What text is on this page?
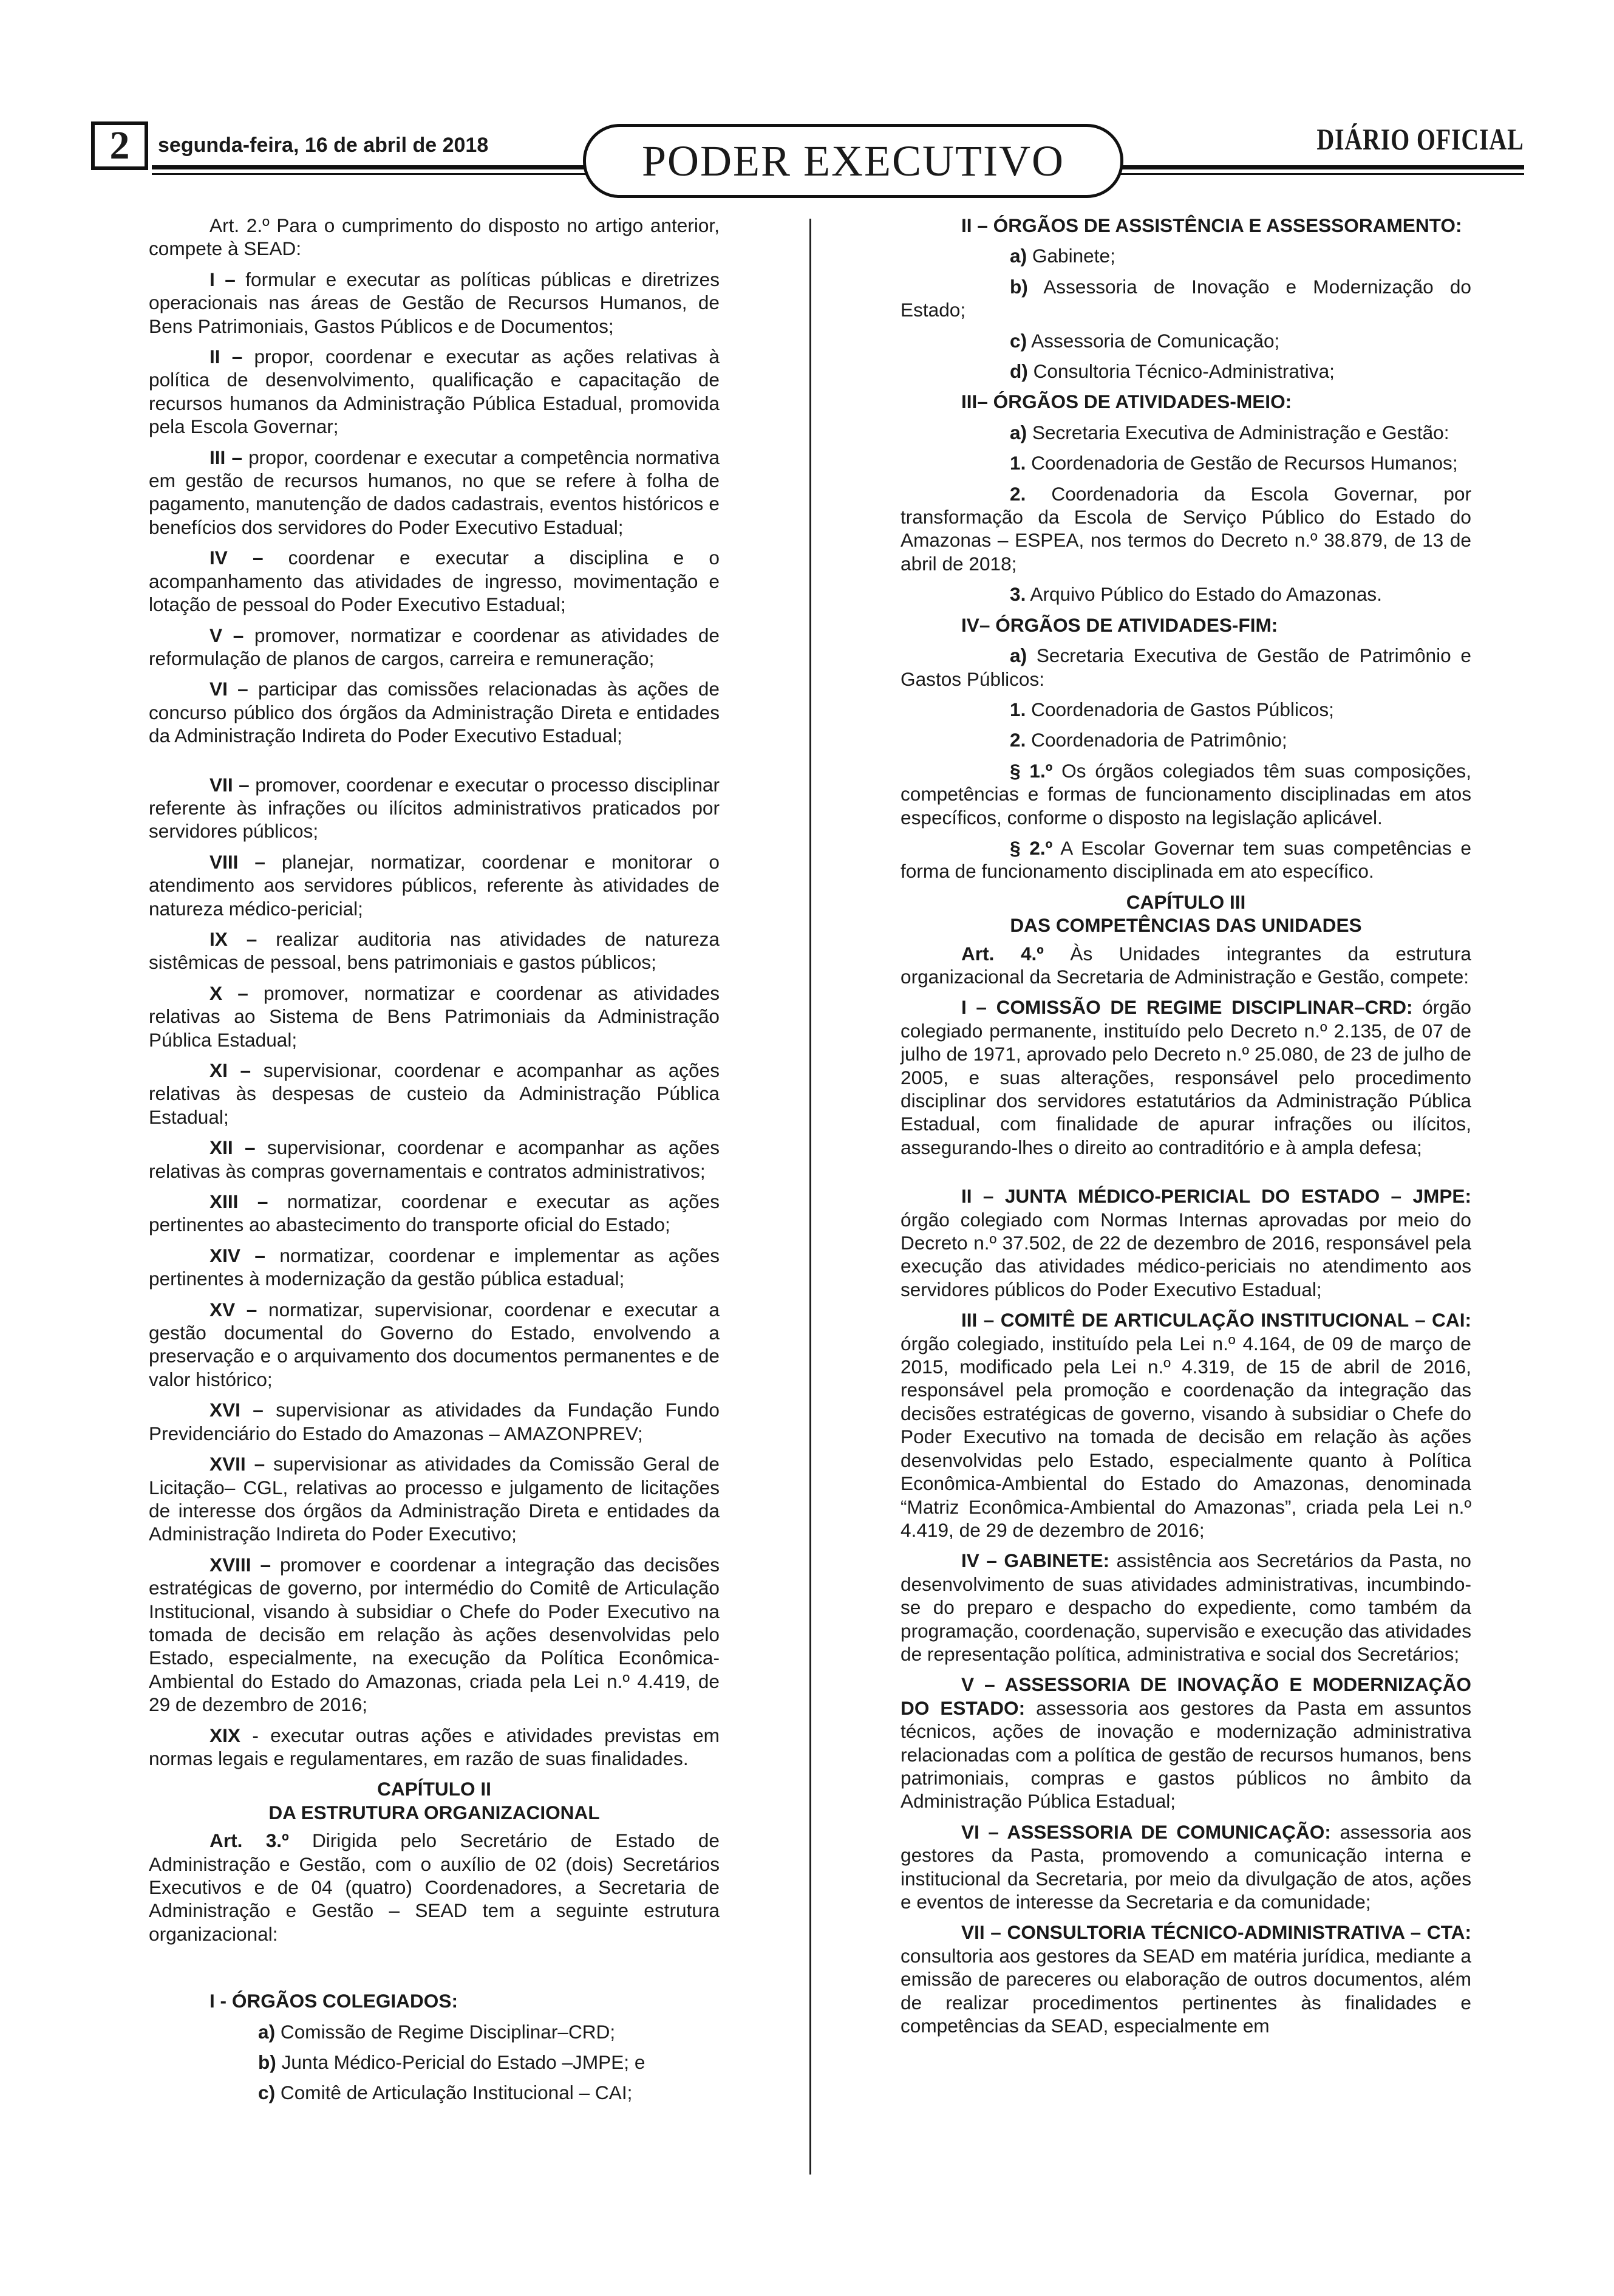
2	segunda-feira, 16 de abril de 2018	PODER EXECUTIVO	DIÁRIO OFICIAL

Art. 2.º Para o cumprimento do disposto no artigo anterior, compete à SEAD:

I – formular e executar as políticas públicas e diretrizes operacionais nas áreas de Gestão de Recursos Humanos, de Bens Patrimoniais, Gastos Públicos e de Documentos;

II – propor, coordenar e executar as ações relativas à política de desenvolvimento, qualificação e capacitação de recursos humanos da Administração Pública Estadual, promovida pela Escola Governar;

III – propor, coordenar e executar a competência normativa em gestão de recursos humanos, no que se refere à folha de pagamento, manutenção de dados cadastrais, eventos históricos e benefícios dos servidores do Poder Executivo Estadual;

IV – coordenar e executar a disciplina e o acompanhamento das atividades de ingresso, movimentação e lotação de pessoal do Poder Executivo Estadual;

V – promover, normatizar e coordenar as atividades de reformulação de planos de cargos, carreira e remuneração;

VI – participar das comissões relacionadas às ações de concurso público dos órgãos da Administração Direta e entidades da Administração Indireta do Poder Executivo Estadual;

VII – promover, coordenar e executar o processo disciplinar referente às infrações ou ilícitos administrativos praticados por servidores públicos;

VIII – planejar, normatizar, coordenar e monitorar o atendimento aos servidores públicos, referente às atividades de natureza médico-pericial;

IX – realizar auditoria nas atividades de natureza sistêmicas de pessoal, bens patrimoniais e gastos públicos;

X – promover, normatizar e coordenar as atividades relativas ao Sistema de Bens Patrimoniais da Administração Pública Estadual;

XI – supervisionar, coordenar e acompanhar as ações relativas às despesas de custeio da Administração Pública Estadual;

XII – supervisionar, coordenar e acompanhar as ações relativas às compras governamentais e contratos administrativos;

XIII – normatizar, coordenar e executar as ações pertinentes ao abastecimento do transporte oficial do Estado;

XIV – normatizar, coordenar e implementar as ações pertinentes à modernização da gestão pública estadual;

XV – normatizar, supervisionar, coordenar e executar a gestão documental do Governo do Estado, envolvendo a preservação e o arquivamento dos documentos permanentes e de valor histórico;

XVI – supervisionar as atividades da Fundação Fundo Previdenciário do Estado do Amazonas – AMAZONPREV;

XVII – supervisionar as atividades da Comissão Geral de Licitação– CGL, relativas ao processo e julgamento de licitações de interesse dos órgãos da Administração Direta e entidades da Administração Indireta do Poder Executivo;

XVIII – promover e coordenar a integração das decisões estratégicas de governo, por intermédio do Comitê de Articulação Institucional, visando à subsidiar o Chefe do Poder Executivo na tomada de decisão em relação às ações desenvolvidas pelo Estado, especialmente, na execução da Política Econômica-Ambiental do Estado do Amazonas, criada pela Lei n.º 4.419, de 29 de dezembro de 2016;

XIX - executar outras ações e atividades previstas em normas legais e regulamentares, em razão de suas finalidades.

CAPÍTULO II
DA ESTRUTURA ORGANIZACIONAL

Art. 3.º Dirigida pelo Secretário de Estado de Administração e Gestão, com o auxílio de 02 (dois) Secretários Executivos e de 04 (quatro) Coordenadores, a Secretaria de Administração e Gestão – SEAD tem a seguinte estrutura organizacional:

I - ÓRGÃOS COLEGIADOS:

a) Comissão de Regime Disciplinar–CRD;

b) Junta Médico-Pericial do Estado –JMPE; e

c) Comitê de Articulação Institucional – CAI;

II – ÓRGÃOS DE ASSISTÊNCIA E ASSESSORAMENTO:

a) Gabinete;

b) Assessoria de Inovação e Modernização do Estado;

c) Assessoria de Comunicação;

d) Consultoria Técnico-Administrativa;

III– ÓRGÃOS DE ATIVIDADES-MEIO:

a) Secretaria Executiva de Administração e Gestão:

1. Coordenadoria de Gestão de Recursos Humanos;

2. Coordenadoria da Escola Governar, por transformação da Escola de Serviço Público do Estado do Amazonas – ESPEA, nos termos do Decreto n.º 38.879, de 13 de abril de 2018;

3. Arquivo Público do Estado do Amazonas.

IV– ÓRGÃOS DE ATIVIDADES-FIM:

a) Secretaria Executiva de Gestão de Patrimônio e Gastos Públicos:

1. Coordenadoria de Gastos Públicos;

2. Coordenadoria de Patrimônio;

§ 1.º Os órgãos colegiados têm suas composições, competências e formas de funcionamento disciplinadas em atos específicos, conforme o disposto na legislação aplicável.

§ 2.º A Escolar Governar tem suas competências e forma de funcionamento disciplinada em ato específico.

CAPÍTULO III
DAS COMPETÊNCIAS DAS UNIDADES

Art. 4.º Às Unidades integrantes da estrutura organizacional da Secretaria de Administração e Gestão, compete:

I – COMISSÃO DE REGIME DISCIPLINAR–CRD: órgão colegiado permanente, instituído pelo Decreto n.º 2.135, de 07 de julho de 1971, aprovado pelo Decreto n.º 25.080, de 23 de julho de 2005, e suas alterações, responsável pelo procedimento disciplinar dos servidores estatutários da Administração Pública Estadual, com finalidade de apurar infrações ou ilícitos, assegurando-lhes o direito ao contraditório e à ampla defesa;

II – JUNTA MÉDICO-PERICIAL DO ESTADO – JMPE: órgão colegiado com Normas Internas aprovadas por meio do Decreto n.º 37.502, de 22 de dezembro de 2016, responsável pela execução das atividades médico-periciais no atendimento aos servidores públicos do Poder Executivo Estadual;

III – COMITÊ DE ARTICULAÇÃO INSTITUCIONAL – CAI: órgão colegiado, instituído pela Lei n.º 4.164, de 09 de março de 2015, modificado pela Lei n.º 4.319, de 15 de abril de 2016, responsável pela promoção e coordenação da integração das decisões estratégicas de governo, visando à subsidiar o Chefe do Poder Executivo na tomada de decisão em relação às ações desenvolvidas pelo Estado, especialmente quanto à Política Econômica-Ambiental do Estado do Amazonas, denominada “Matriz Econômica-Ambiental do Amazonas”, criada pela Lei n.º 4.419, de 29 de dezembro de 2016;

IV – GABINETE: assistência aos Secretários da Pasta, no desenvolvimento de suas atividades administrativas, incumbindo-se do preparo e despacho do expediente, como também da programação, coordenação, supervisão e execução das atividades de representação política, administrativa e social dos Secretários;

V – ASSESSORIA DE INOVAÇÃO E MODERNIZAÇÃO DO ESTADO: assessoria aos gestores da Pasta em assuntos técnicos, ações de inovação e modernização administrativa relacionadas com a política de gestão de recursos humanos, bens patrimoniais, compras e gastos públicos no âmbito da Administração Pública Estadual;

VI – ASSESSORIA DE COMUNICAÇÃO: assessoria aos gestores da Pasta, promovendo a comunicação interna e institucional da Secretaria, por meio da divulgação de atos, ações e eventos de interesse da Secretaria e da comunidade;

VII – CONSULTORIA TÉCNICO-ADMINISTRATIVA – CTA: consultoria aos gestores da SEAD em matéria jurídica, mediante a emissão de pareceres ou elaboração de outros documentos, além de realizar procedimentos pertinentes às finalidades e competências da SEAD, especialmente em
